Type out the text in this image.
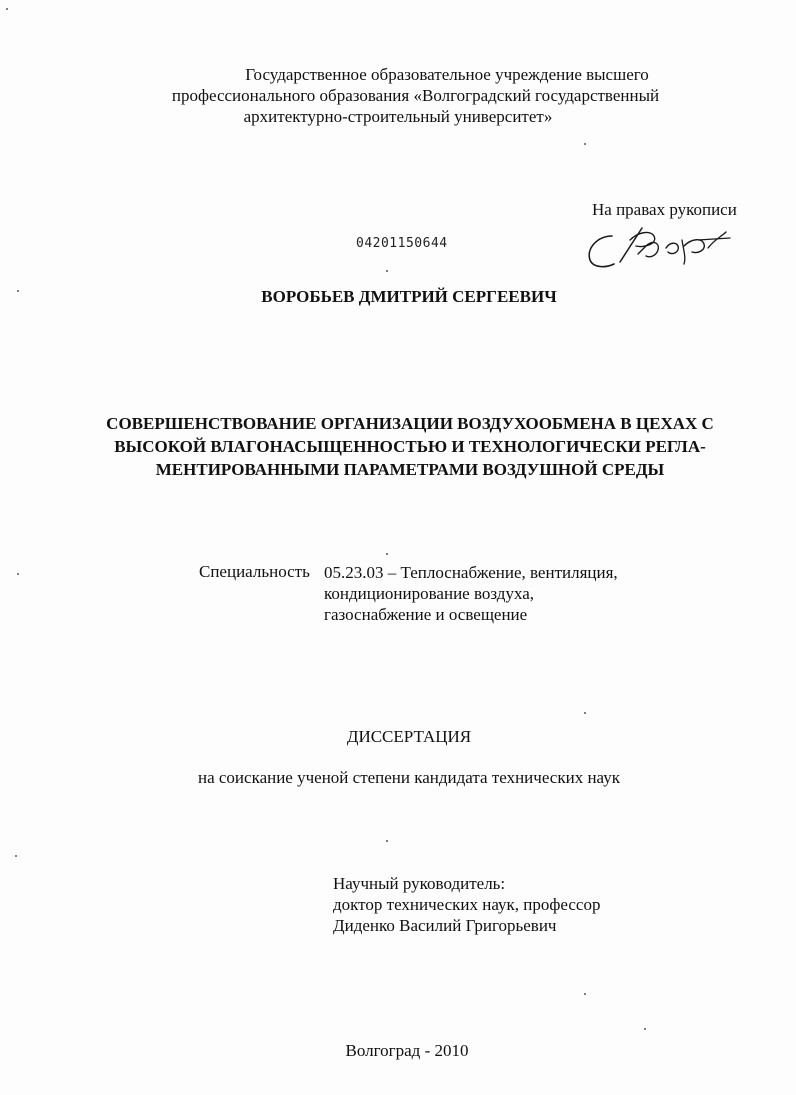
Государственное образовательное учреждение высшего
профессионального образования «Волгоградский государственный
архитектурно-строительный университет»
На правах рукописи
04201150644
ВОРОБЬЕВ ДМИТРИЙ СЕРГЕЕВИЧ
СОВЕРШЕНСТВОВАНИЕ ОРГАНИЗАЦИИ ВОЗДУХООБМЕНА В ЦЕХАХ С
ВЫСОКОЙ ВЛАГОНАСЫЩЕННОСТЬЮ И ТЕХНОЛОГИЧЕСКИ РЕГЛА-
МЕНТИРОВАННЫМИ ПАРАМЕТРАМИ ВОЗДУШНОЙ СРЕДЫ
Специальность 05.23.03 – Теплоснабжение, вентиляция,
кондиционирование воздуха,
газоснабжение и освещение
ДИССЕРТАЦИЯ
на соискание ученой степени кандидата технических наук
Научный руководитель:
доктор технических наук, профессор
Диденко Василий Григорьевич
Волгоград - 2010
